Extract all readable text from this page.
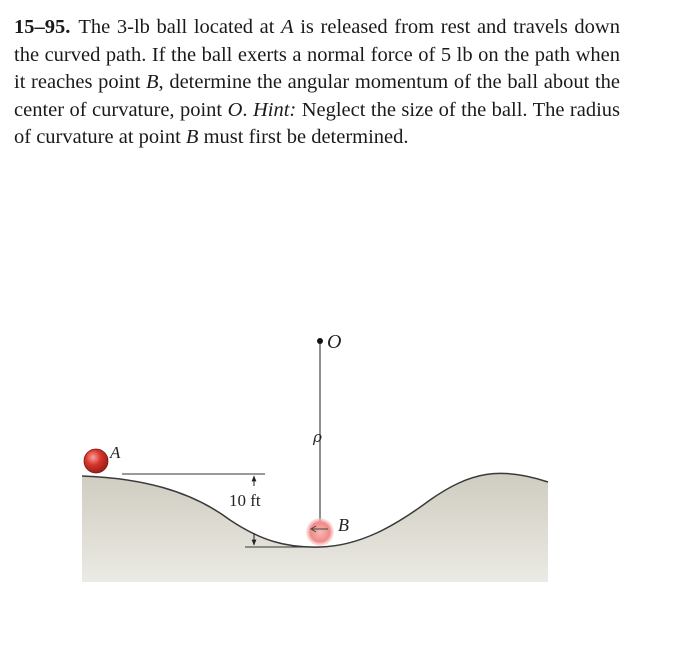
15–95. The 3-lb ball located at A is released from rest and travels down the curved path. If the ball exerts a normal force of 5 lb on the path when it reaches point B, determine the angular momentum of the ball about the center of curvature, point O. Hint: Neglect the size of the ball. The radius of curvature at point B must first be determined.
10 ft
O
ρ
A
B
